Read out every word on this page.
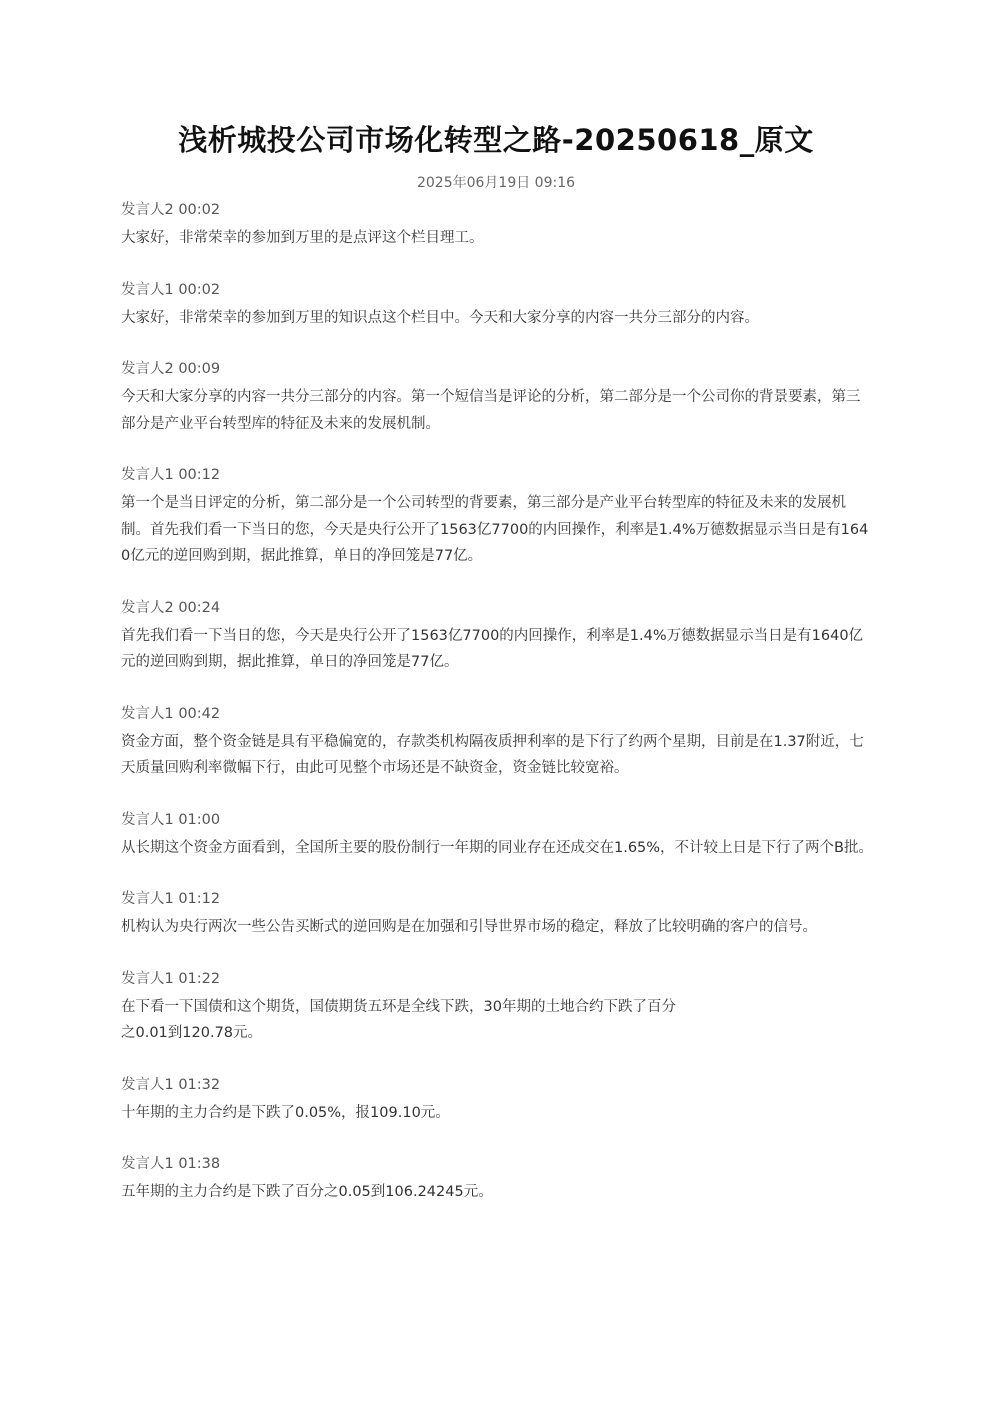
浅析城投公司市场化转型之路-20250618_原文
2025年06月19日 09:16
发言人2 00:02
大家好，非常荣幸的参加到万里的是点评这个栏目理工。
发言人1 00:02
大家好，非常荣幸的参加到万里的知识点这个栏目中。今天和大家分享的内容一共分三部分的内容。
发言人2 00:09
今天和大家分享的内容一共分三部分的内容。第一个短信当是评论的分析，第二部分是一个公司你的背景要素，第三部分是产业平台转型库的特征及未来的发展机制。
发言人1 00:12
第一个是当日评定的分析，第二部分是一个公司转型的背要素，第三部分是产业平台转型库的特征及未来的发展机制。首先我们看一下当日的您，今天是央行公开了1563亿7700的内回操作，利率是1.4%万德数据显示当日是有1640亿元的逆回购到期，据此推算，单日的净回笼是77亿。
发言人2 00:24
首先我们看一下当日的您，今天是央行公开了1563亿7700的内回操作，利率是1.4%万德数据显示当日是有1640亿元的逆回购到期，据此推算，单日的净回笼是77亿。
发言人1 00:42
资金方面，整个资金链是具有平稳偏宽的，存款类机构隔夜质押利率的是下行了约两个星期，目前是在1.37附近，七天质量回购利率微幅下行，由此可见整个市场还是不缺资金，资金链比较宽裕。
发言人1 01:00
从长期这个资金方面看到，全国所主要的股份制行一年期的同业存在还成交在1.65%，不计较上日是下行了两个B批。
发言人1 01:12
机构认为央行两次一些公告买断式的逆回购是在加强和引导世界市场的稳定，释放了比较明确的客户的信号。
发言人1 01:22
在下看一下国债和这个期货，国债期货五环是全线下跌，30年期的土地合约下跌了百分
之0.01到120.78元。
发言人1 01:32
十年期的主力合约是下跌了0.05%，报109.10元。
发言人1 01:38
五年期的主力合约是下跌了百分之0.05到106.24245元。
